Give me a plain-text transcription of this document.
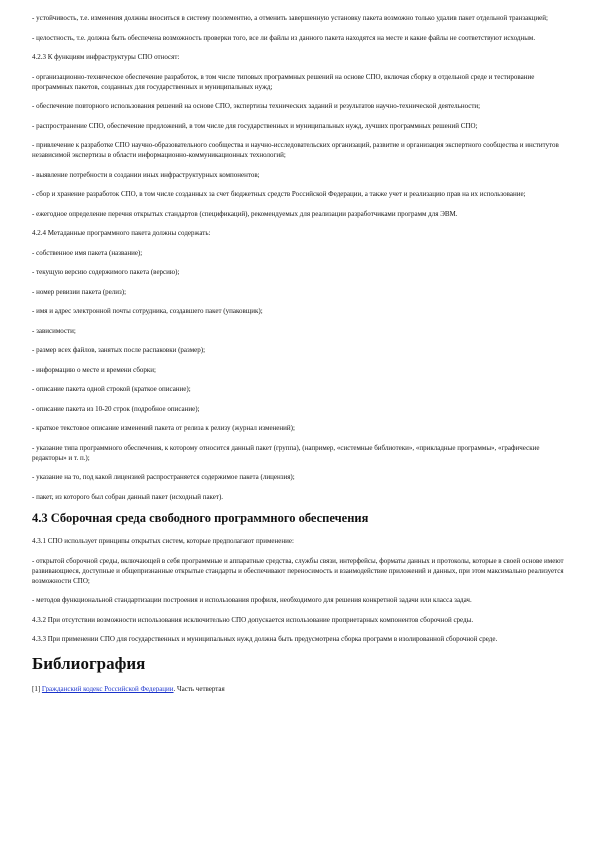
- устойчивость, т.е. изменения должны вноситься в систему поэлементно, а отменить завершенную установку пакета возможно только удалив пакет отдельной транзакцией;

- целостность, т.е. должна быть обеспечена возможность проверки того, все ли файлы из данного пакета находятся на месте и какие файлы не соответствуют исходным.

4.2.3 К функциям инфраструктуры СПО относят:

- организационно-техническое обеспечение разработок, в том числе типовых программных решений на основе СПО, включая сборку в отдельной среде и тестирование программных пакетов, созданных для государственных и муниципальных нужд;

- обеспечение повторного использования решений на основе СПО, экспертизы технических заданий и результатов научно-технической деятельности;

- распространение СПО, обеспечение предложений, в том числе для государственных и муниципальных нужд, лучших программных решений СПО;

- привлечение к разработке СПО научно-образовательного сообщества и научно-исследовательских организаций, развитие и организация экспертного сообщества и институтов независимой экспертизы в области информационно-коммуникационных технологий;

- выявление потребности в создании иных инфраструктурных компонентов;

- сбор и хранение разработок СПО, в том числе созданных за счет бюджетных средств Российской Федерации, а также учет и реализацию прав на их использование;

- ежегодное определение перечня открытых стандартов (спецификаций), рекомендуемых для реализации разработчиками программ для ЭВМ.

4.2.4 Метаданные программного пакета должны содержать:

- собственное имя пакета (название);

- текущую версию содержимого пакета (версию);

- номер ревизии пакета (релиз);

- имя и адрес электронной почты сотрудника, создавшего пакет (упаковщик);

- зависимости;

- размер всех файлов, занятых после распаковки (размер);

- информацию о месте и времени сборки;

- описание пакета одной строкой (краткое описание);

- описание пакета из 10-20 строк (подробное описание);

- краткое текстовое описание изменений пакета от релиза к релизу (журнал изменений);

- указание типа программного обеспечения, к которому относится данный пакет (группа), (например, «системные библиотеки», «прикладные программы», «графические редакторы» и т. п.);

- указание на то, под какой лицензией распространяется содержимое пакета (лицензия);

- пакет, из которого был собран данный пакет (исходный пакет).

4.3 Сборочная среда свободного программного обеспечения

4.3.1 СПО использует принципы открытых систем, которые предполагают применение:

- открытой сборочной среды, включающей в себя программные и аппаратные средства, службы связи, интерфейсы, форматы данных и протоколы, которые в своей основе имеют развивающиеся, доступные и общепризнанные открытые стандарты и обеспечивают переносимость и взаимодействие приложений и данных, при этом максимально реализуется возможности СПО;

- методов функциональной стандартизации построения и использования профиля, необходимого для решения конкретной задачи или класса задач.

4.3.2 При отсутствии возможности использования исключительно СПО допускается использование проприетарных компонентов сборочной среды.

4.3.3 При применении СПО для государственных и муниципальных нужд должна быть предусмотрена сборка программ в изолированной сборочной среде.

Библиография

[1] Гражданский кодекс Российской Федерации. Часть четвертая
